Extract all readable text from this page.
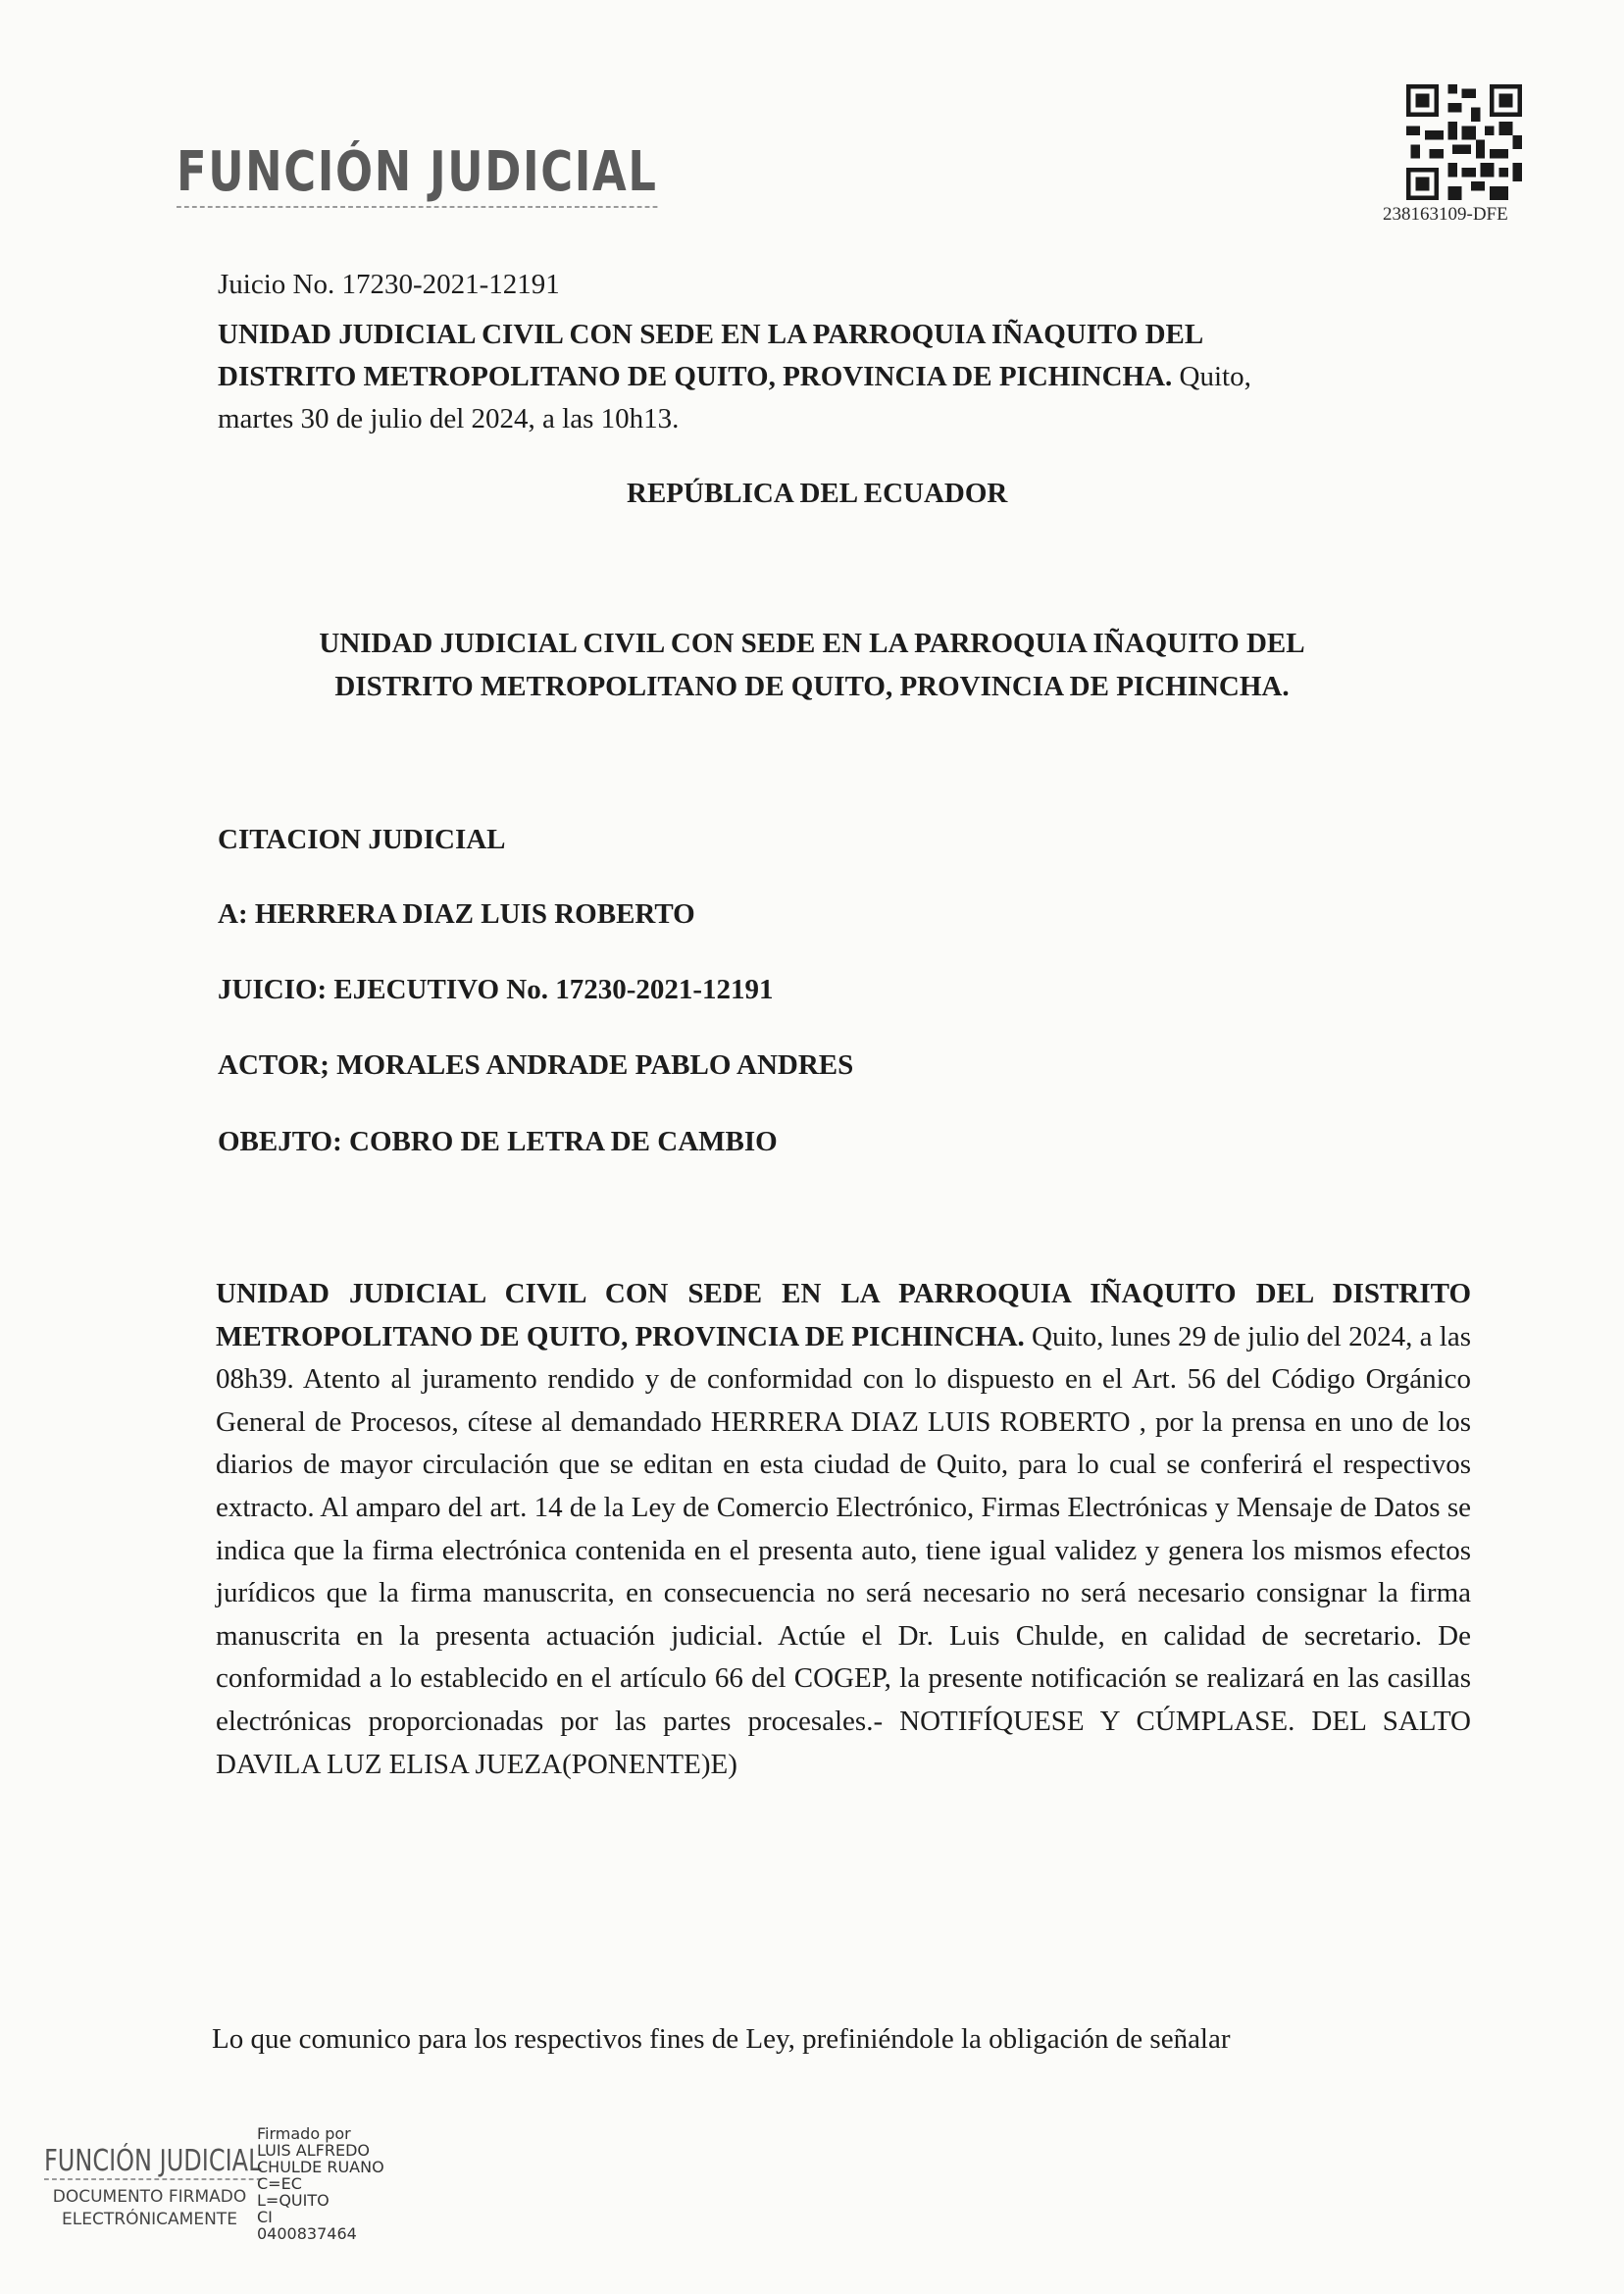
FUNCIÓN JUDICIAL
238163109-DFE
Juicio No. 17230-2021-12191
UNIDAD JUDICIAL CIVIL CON SEDE EN LA PARROQUIA IÑAQUITO DEL
DISTRITO METROPOLITANO DE QUITO, PROVINCIA DE PICHINCHA. Quito,
martes 30 de julio del 2024, a las 10h13.
REPÚBLICA DEL ECUADOR
UNIDAD JUDICIAL CIVIL CON SEDE EN LA PARROQUIA IÑAQUITO DEL
DISTRITO METROPOLITANO DE QUITO, PROVINCIA DE PICHINCHA.
CITACION JUDICIAL
A: HERRERA DIAZ LUIS ROBERTO
JUICIO: EJECUTIVO No. 17230-2021-12191
ACTOR; MORALES ANDRADE PABLO ANDRES
OBEJTO: COBRO DE LETRA DE CAMBIO
UNIDAD JUDICIAL CIVIL CON SEDE EN LA PARROQUIA IÑAQUITO DEL DISTRITO METROPOLITANO DE QUITO, PROVINCIA DE PICHINCHA. Quito, lunes 29 de julio del 2024, a las 08h39. Atento al juramento rendido y de conformidad con lo dispuesto en el Art. 56 del Código Orgánico General de Procesos, cítese al demandado HERRERA DIAZ LUIS ROBERTO , por la prensa en uno de los diarios de mayor circulación que se editan en esta ciudad de Quito, para lo cual se conferirá el respectivos extracto. Al amparo del art. 14 de la Ley de Comercio Electrónico, Firmas Electrónicas y Mensaje de Datos se indica que la firma electrónica contenida en el presenta auto, tiene igual validez y genera los mismos efectos jurídicos que la firma manuscrita, en consecuencia no será necesario no será necesario consignar la firma manuscrita en la presenta actuación judicial. Actúe el Dr. Luis Chulde, en calidad de secretario. De conformidad a lo establecido en el artículo 66 del COGEP, la presente notificación se realizará en las casillas electrónicas proporcionadas por las partes procesales.- NOTIFÍQUESE Y CÚMPLASE. DEL SALTO DAVILA LUZ ELISA JUEZA(PONENTE)E)
Lo que comunico para los respectivos fines de Ley, prefiniéndole la obligación de señalar
FUNCIÓN JUDICIAL
DOCUMENTO FIRMADO
ELECTRÓNICAMENTE
Firmado por
LUIS ALFREDO
CHULDE RUANO
C=EC
L=QUITO
CI
0400837464
